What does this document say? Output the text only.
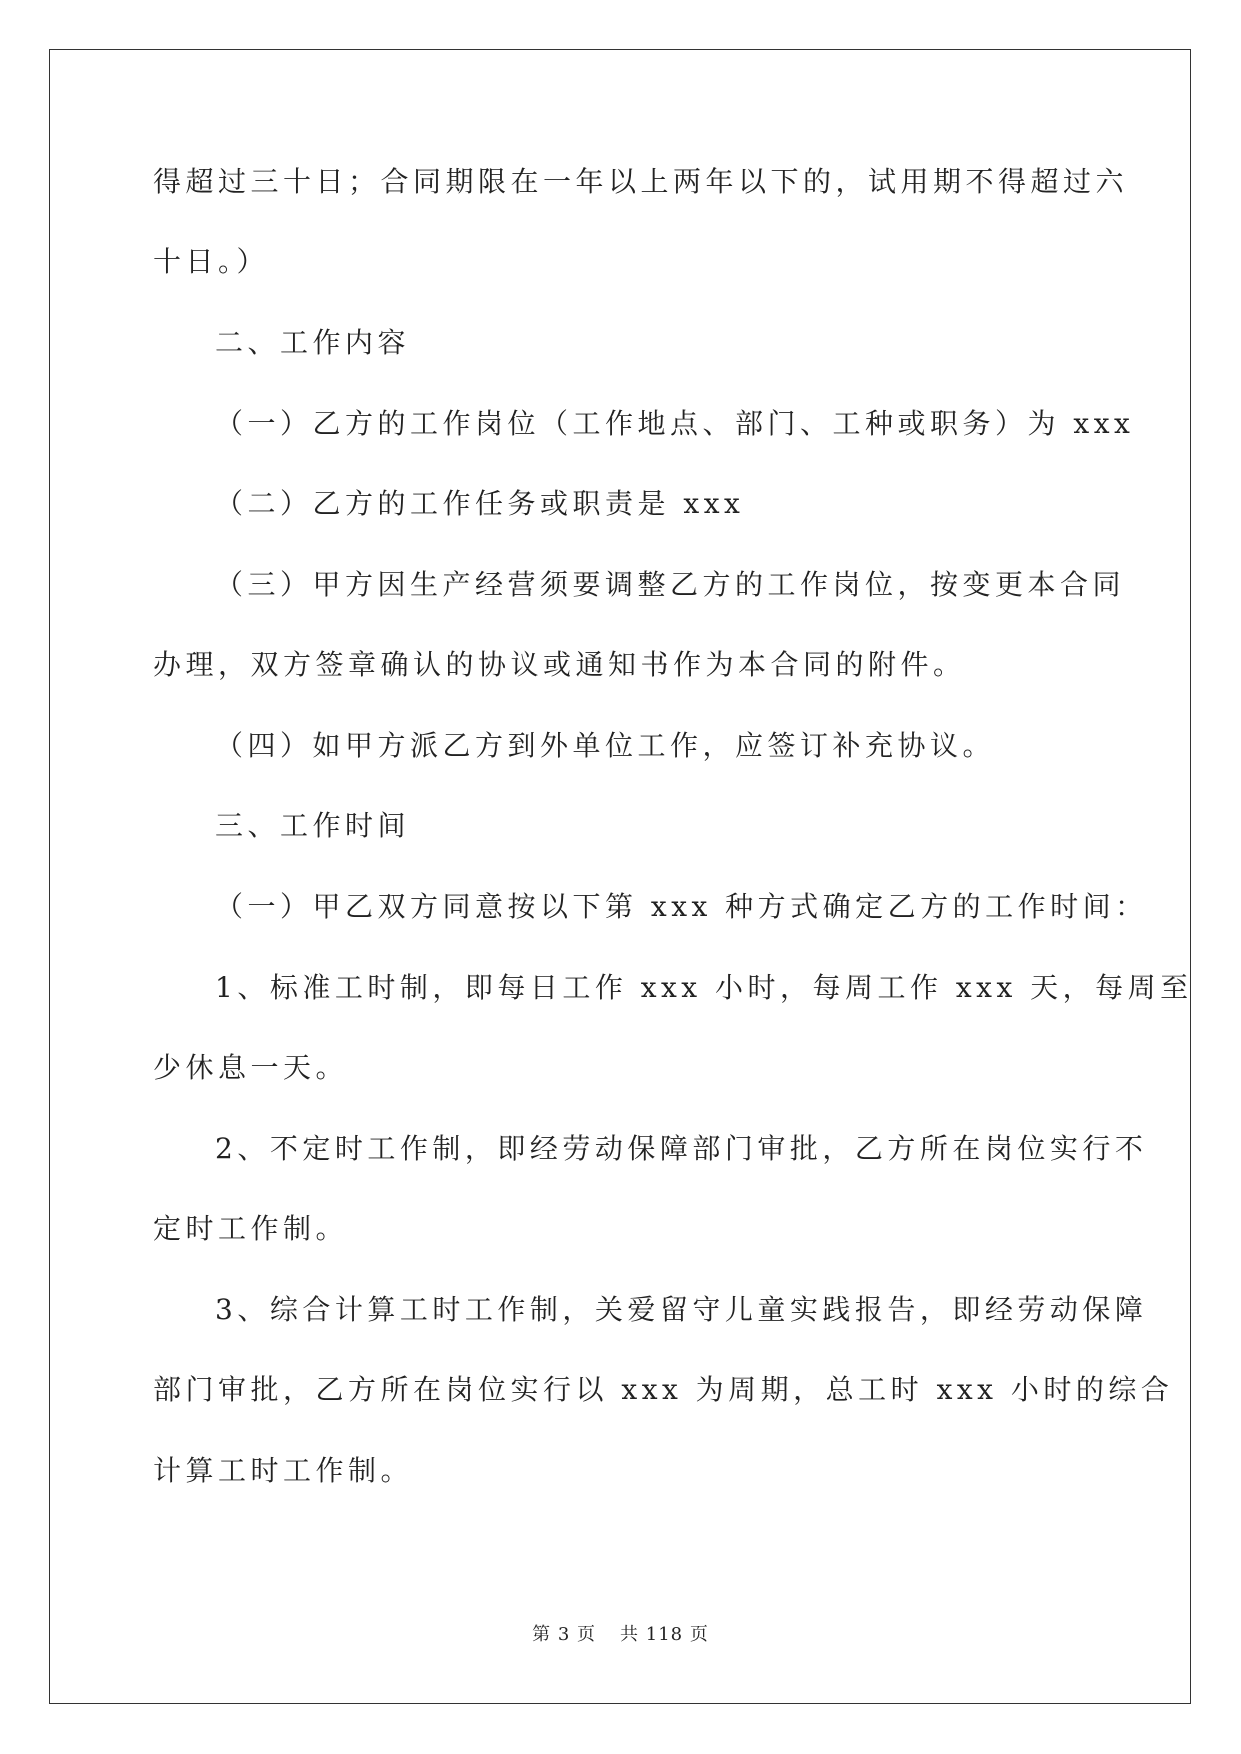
得超过三十日；合同期限在一年以上两年以下的，试用期不得超过六
十日。）
二、工作内容
（一）乙方的工作岗位（工作地点、部门、工种或职务）为 xxx
（二）乙方的工作任务或职责是 xxx
（三）甲方因生产经营须要调整乙方的工作岗位，按变更本合同
办理，双方签章确认的协议或通知书作为本合同的附件。
（四）如甲方派乙方到外单位工作，应签订补充协议。
三、工作时间
（一）甲乙双方同意按以下第 xxx 种方式确定乙方的工作时间：
1、标准工时制，即每日工作 xxx 小时，每周工作 xxx 天，每周至
少休息一天。
2、不定时工作制，即经劳动保障部门审批，乙方所在岗位实行不
定时工作制。
3、综合计算工时工作制，关爱留守儿童实践报告，即经劳动保障
部门审批，乙方所在岗位实行以 xxx 为周期，总工时 xxx 小时的综合
计算工时工作制。
第 3 页 共 118 页
